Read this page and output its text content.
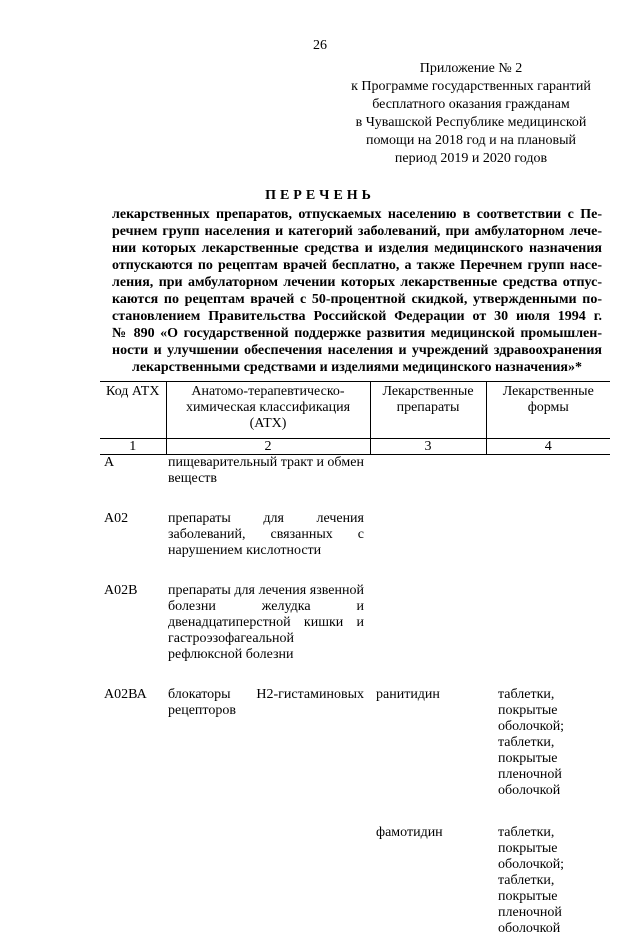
26
Приложение № 2
к Программе государственных гарантий
бесплатного оказания гражданам
в Чувашской Республике медицинской
помощи на 2018 год и на плановый
период 2019 и 2020 годов
ПЕРЕЧЕНЬ
лекарственных препаратов, отпускаемых населению в соответствии с Пе-
речнем групп населения и категорий заболеваний, при амбулаторном лече-
нии которых лекарственные средства и изделия медицинского назначения
отпускаются по рецептам врачей бесплатно, а также Перечнем групп насе-
ления, при амбулаторном лечении которых лекарственные средства отпус-
каются по рецептам врачей с 50-процентной скидкой, утвержденными по-
становлением Правительства Российской Федерации от 30 июля 1994 г.
№ 890 «О государственной поддержке развития медицинской промышлен-
ности и улучшении обеспечения населения и учреждений здравоохранения
лекарственными средствами и изделиями медицинского назначения»*
Код АТХ	Анатомо-терапевтическо-химическая классификация (АТХ)	Лекарственные препараты	Лекарственные формы
1	2	3	4
А	пищеварительный тракт и обмен веществ		
А02	препараты для лечения заболеваний, связанных с нарушением кислотности		
А02В	препараты для лечения язвенной болезни желудка и двенадцатиперстной кишки и гастроэзофагеальной рефлюксной болезни		
А02ВА	блокаторы Н2-гистаминовых рецепторов	ранитидин	таблетки, покрытые оболочкой; таблетки, покрытые пленочной оболочкой
		фамотидин	таблетки, покрытые оболочкой; таблетки, покрытые пленочной оболочкой
